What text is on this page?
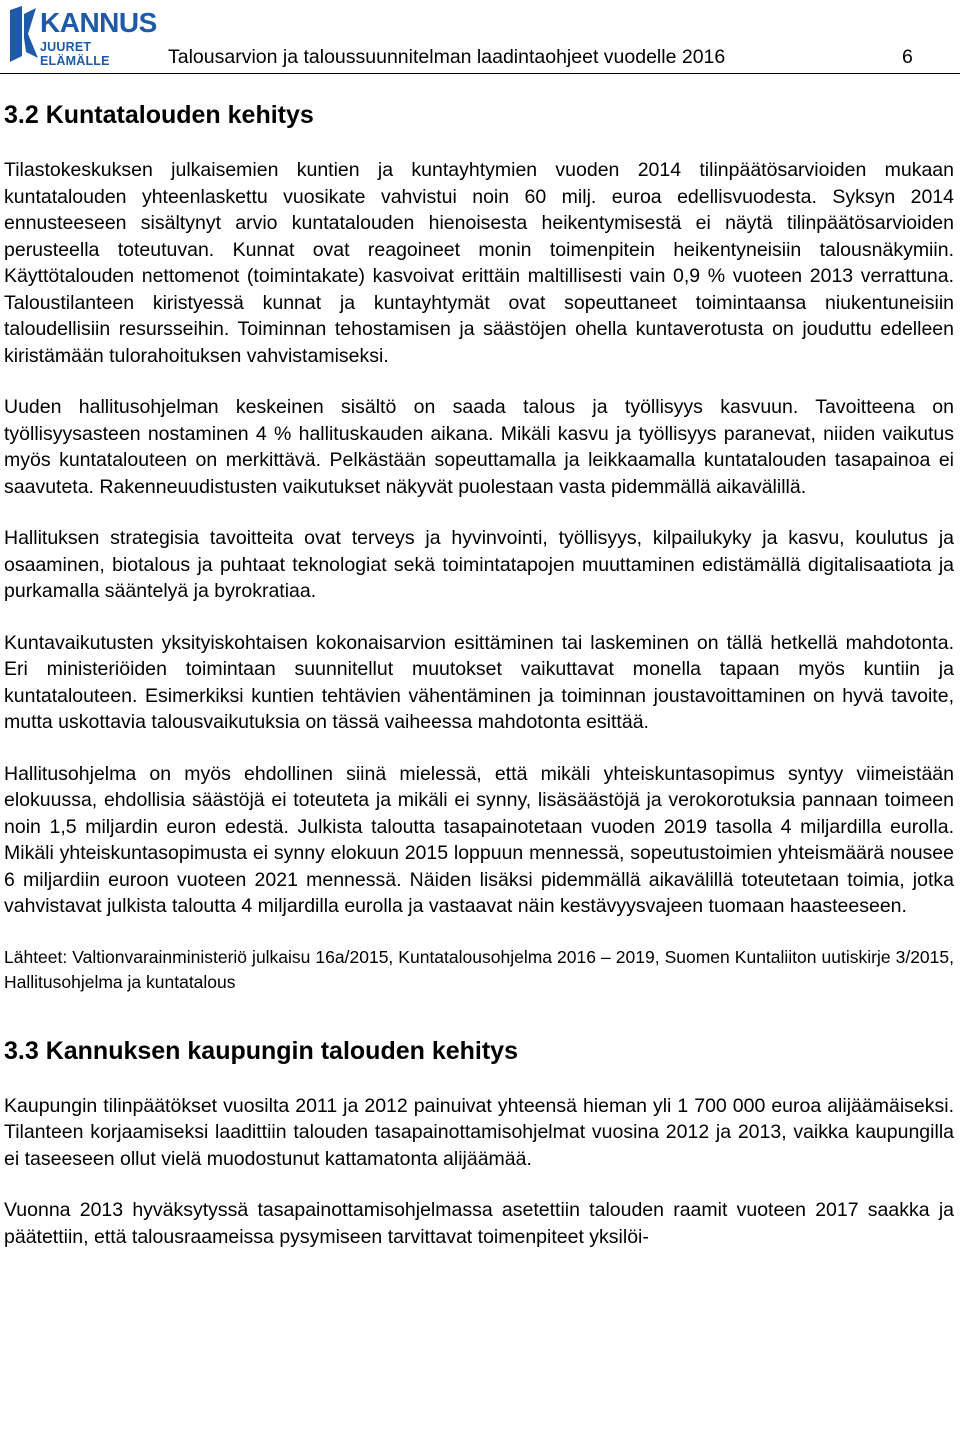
KANNUS
JUURET ELÄMÄLLE	Talousarvion ja taloussuunnitelman laadintaohjeet vuodelle 2016	6
3.2 Kuntatalouden kehitys

Tilastokeskuksen julkaisemien kuntien ja kuntayhtymien vuoden 2014 tilinpäätösarvioiden mukaan kuntatalouden yhteenlaskettu vuosikate vahvistui noin 60 milj. euroa edellisvuodesta. Syksyn 2014 ennusteeseen sisältynyt arvio kuntatalouden hienoisesta heikentymisestä ei näytä tilinpäätösarvioiden perusteella toteutuvan. Kunnat ovat reagoineet monin toimenpitein heikentyneisiin talousnäkymiin. Käyttötalouden nettomenot (toimintakate) kasvoivat erittäin maltillisesti vain 0,9 % vuoteen 2013 verrattuna. Taloustilanteen kiristyessä kunnat ja kuntayhtymät ovat sopeuttaneet toimintaansa niukentuneisiin taloudellisiin resursseihin. Toiminnan tehostamisen ja säästöjen ohella kuntaverotusta on jouduttu edelleen kiristämään tulorahoituksen vahvistamiseksi.

Uuden hallitusohjelman keskeinen sisältö on saada talous ja työllisyys kasvuun. Tavoitteena on työllisyysasteen nostaminen 4 % hallituskauden aikana. Mikäli kasvu ja työllisyys paranevat, niiden vaikutus myös kuntatalouteen on merkittävä. Pelkästään sopeuttamalla ja leikkaamalla kuntatalouden tasapainoa ei saavuteta. Rakenneuudistusten vaikutukset näkyvät puolestaan vasta pidemmällä aikavälillä.

Hallituksen strategisia tavoitteita ovat terveys ja hyvinvointi, työllisyys, kilpailukyky ja kasvu, koulutus ja osaaminen, biotalous ja puhtaat teknologiat sekä toimintatapojen muuttaminen edistämällä digitalisaatiota ja purkamalla sääntelyä ja byrokratiaa.

Kuntavaikutusten yksityiskohtaisen kokonaisarvion esittäminen tai laskeminen on tällä hetkellä mahdotonta. Eri ministeriöiden toimintaan suunnitellut muutokset vaikuttavat monella tapaan myös kuntiin ja kuntatalouteen. Esimerkiksi kuntien tehtävien vähentäminen ja toiminnan joustavoittaminen on hyvä tavoite, mutta uskottavia talousvaikutuksia on tässä vaiheessa mahdotonta esittää.

Hallitusohjelma on myös ehdollinen siinä mielessä, että mikäli yhteiskuntasopimus syntyy viimeistään elokuussa, ehdollisia säästöjä ei toteuteta ja mikäli ei synny, lisäsäästöjä ja verokorotuksia pannaan toimeen noin 1,5 miljardin euron edestä. Julkista taloutta tasapainotetaan vuoden 2019 tasolla 4 miljardilla eurolla. Mikäli yhteiskuntasopimusta ei synny elokuun 2015 loppuun mennessä, sopeutustoimien yhteismäärä nousee 6 miljardiin euroon vuoteen 2021 mennessä. Näiden lisäksi pidemmällä aikavälillä toteutetaan toimia, jotka vahvistavat julkista taloutta 4 miljardilla eurolla ja vastaavat näin kestävyysvajeen tuomaan haasteeseen.

Lähteet: Valtionvarainministeriö julkaisu 16a/2015, Kuntatalousohjelma 2016 – 2019, Suomen Kuntaliiton uutiskirje 3/2015, Hallitusohjelma ja kuntatalous

3.3 Kannuksen kaupungin talouden kehitys

Kaupungin tilinpäätökset vuosilta 2011 ja 2012 painuivat yhteensä hieman yli 1 700 000 euroa alijäämäiseksi. Tilanteen korjaamiseksi laadittiin talouden tasapainottamisohjelmat vuosina 2012 ja 2013, vaikka kaupungilla ei taseeseen ollut vielä muodostunut kattamatonta alijäämää.

Vuonna 2013 hyväksytyssä tasapainottamisohjelmassa asetettiin talouden raamit vuoteen 2017 saakka ja päätettiin, että talousraameissa pysymiseen tarvittavat toimenpiteet yksilöi-
